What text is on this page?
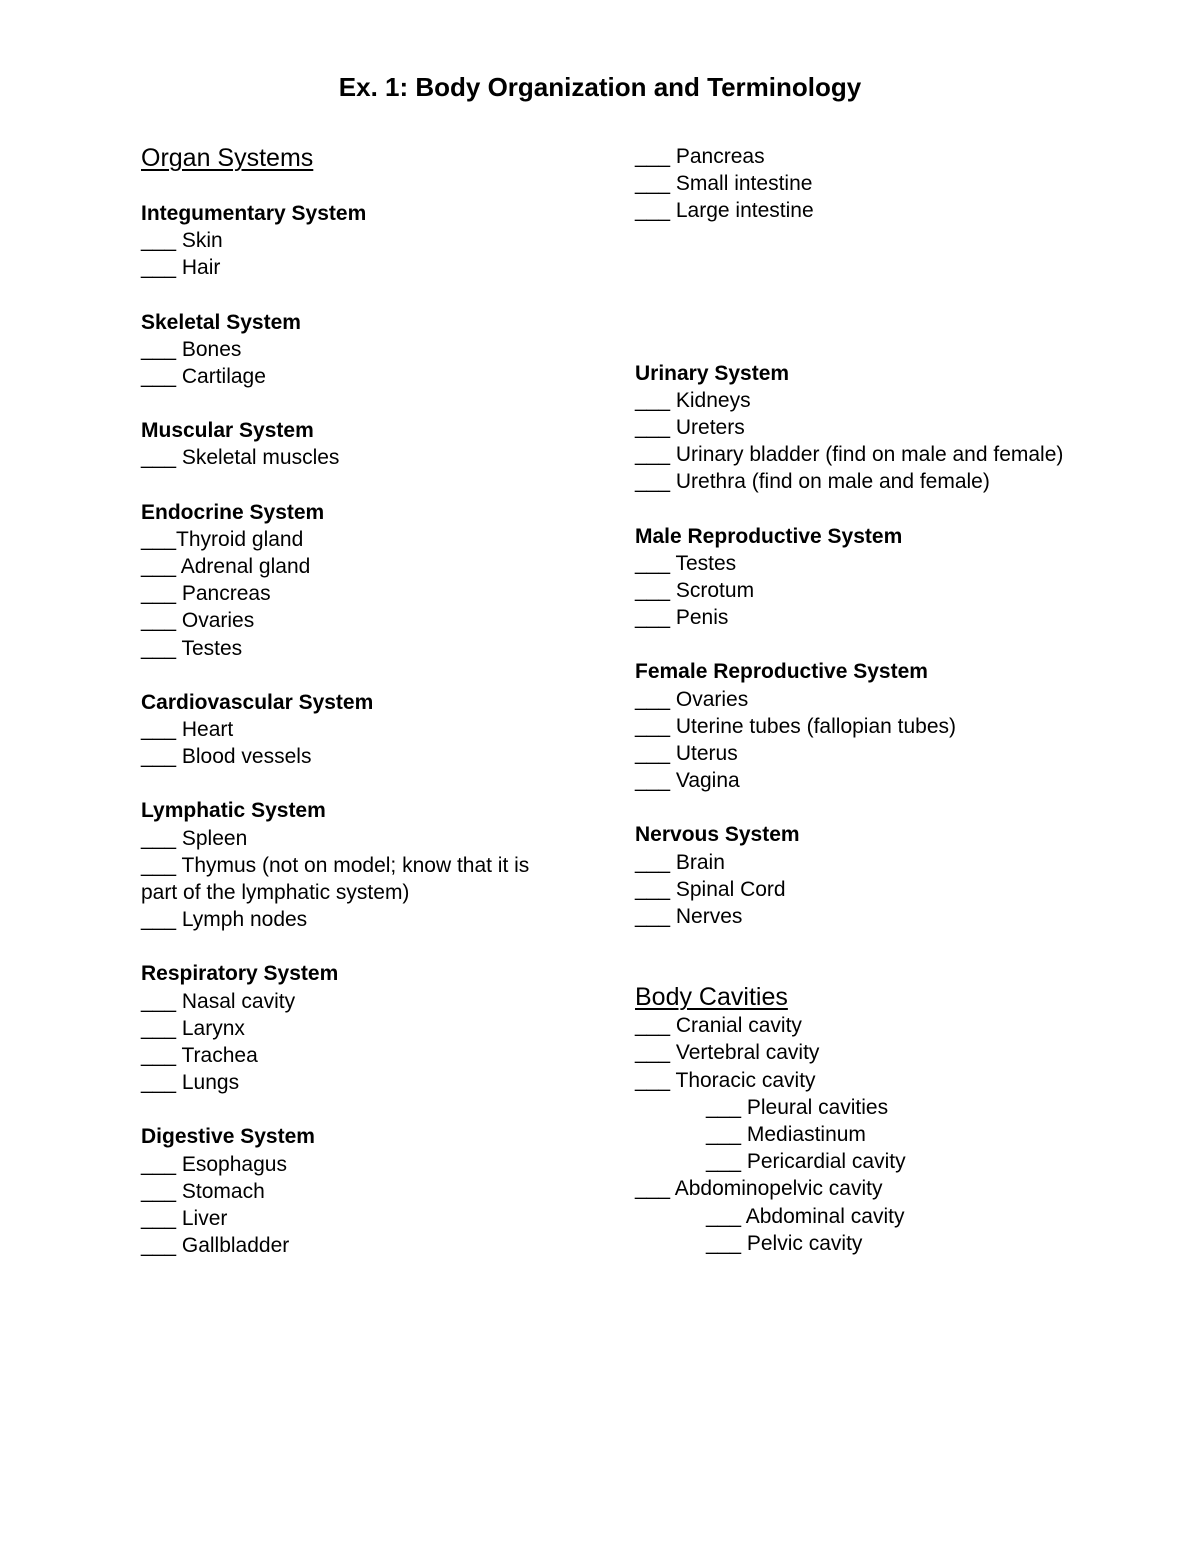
Ex. 1: Body Organization and Terminology
Organ Systems
Integumentary System
___ Skin
___ Hair
Skeletal System
___ Bones
___ Cartilage
Muscular System
___ Skeletal muscles
Endocrine System
___Thyroid gland
___ Adrenal gland
___ Pancreas
___ Ovaries
___ Testes
Cardiovascular System
___ Heart
___ Blood vessels
Lymphatic System
___ Spleen
___ Thymus (not on model; know that it is part of the lymphatic system)
___ Lymph nodes
Respiratory System
___ Nasal cavity
___ Larynx
___ Trachea
___ Lungs
Digestive System
___ Esophagus
___ Stomach
___ Liver
___ Gallbladder
___ Pancreas
___ Small intestine
___ Large intestine
Urinary System
___ Kidneys
___ Ureters
___ Urinary bladder (find on male and female)
___ Urethra (find on male and female)
Male Reproductive System
___ Testes
___ Scrotum
___ Penis
Female Reproductive System
___ Ovaries
___ Uterine tubes (fallopian tubes)
___ Uterus
___ Vagina
Nervous System
___ Brain
___ Spinal Cord
___ Nerves
Body Cavities
___ Cranial cavity
___ Vertebral cavity
___ Thoracic cavity
___ Pleural cavities
___ Mediastinum
___ Pericardial cavity
___ Abdominopelvic cavity
___ Abdominal cavity
___ Pelvic cavity
